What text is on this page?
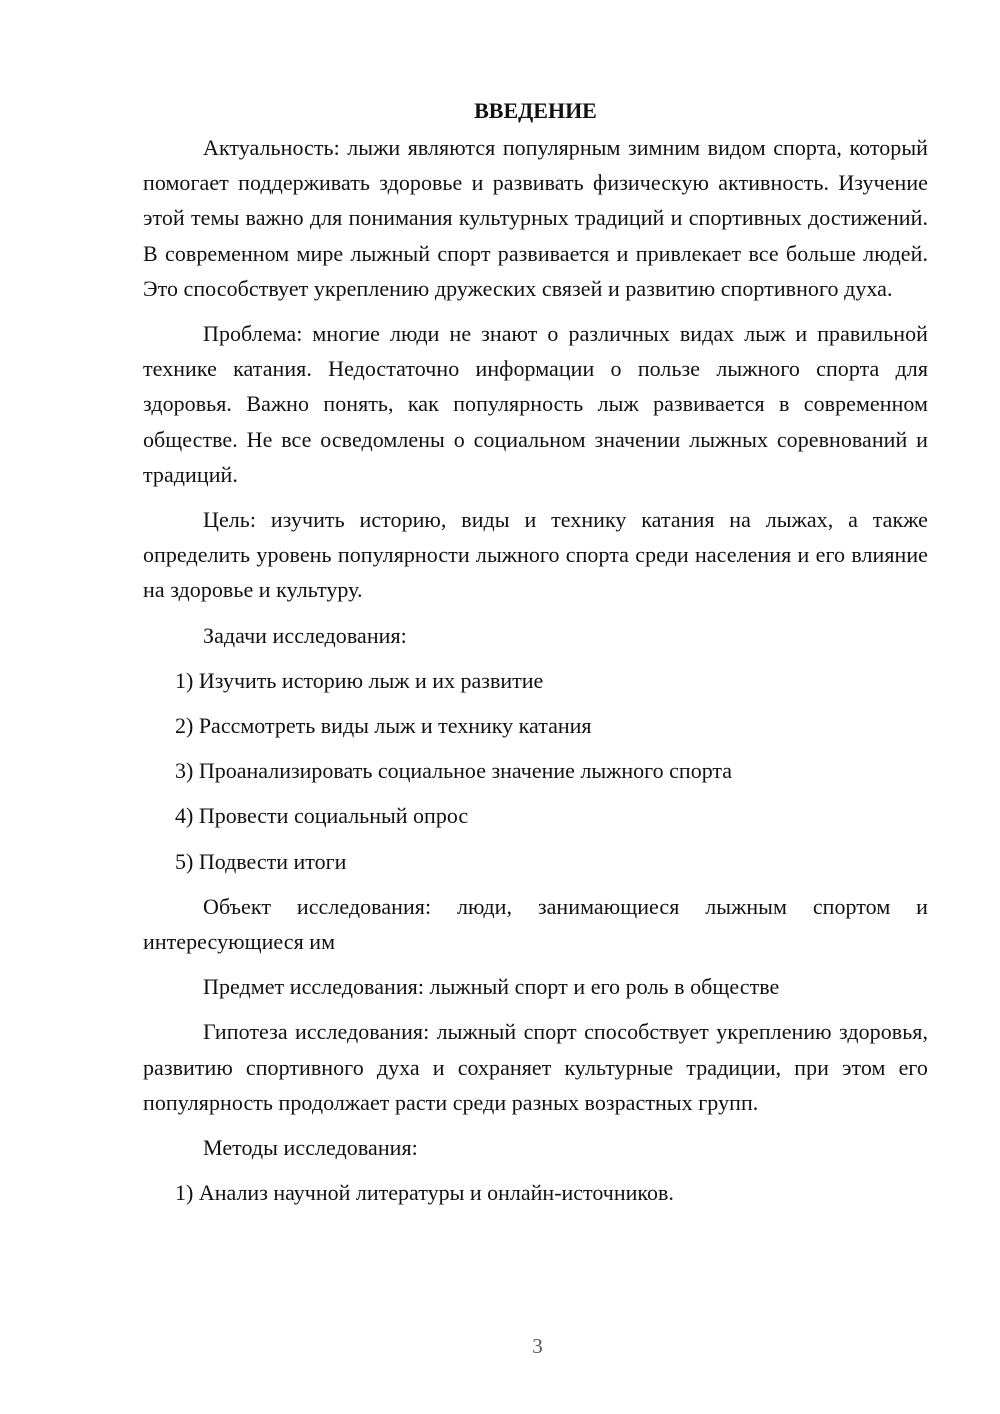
ВВЕДЕНИЕ

Актуальность: лыжи являются популярным зимним видом спорта, который помогает поддерживать здоровье и развивать физическую активность. Изучение этой темы важно для понимания культурных традиций и спортивных достижений. В современном мире лыжный спорт развивается и привлекает все больше людей. Это способствует укреплению дружеских связей и развитию спортивного духа.

Проблема: многие люди не знают о различных видах лыж и правильной технике катания. Недостаточно информации о пользе лыжного спорта для здоровья. Важно понять, как популярность лыж развивается в современном обществе. Не все осведомлены о социальном значении лыжных соревнований и традиций.

Цель: изучить историю, виды и технику катания на лыжах, а также определить уровень популярности лыжного спорта среди населения и его влияние на здоровье и культуру.

Задачи исследования:

1) Изучить историю лыж и их развитие
2) Рассмотреть виды лыж и технику катания
3) Проанализировать социальное значение лыжного спорта
4) Провести социальный опрос
5) Подвести итоги

Объект исследования: люди, занимающиеся лыжным спортом и интересующиеся им

Предмет исследования: лыжный спорт и его роль в обществе

Гипотеза исследования: лыжный спорт способствует укреплению здоровья, развитию спортивного духа и сохраняет культурные традиции, при этом его популярность продолжает расти среди разных возрастных групп.

Методы исследования:

1) Анализ научной литературы и онлайн-источников.
3
